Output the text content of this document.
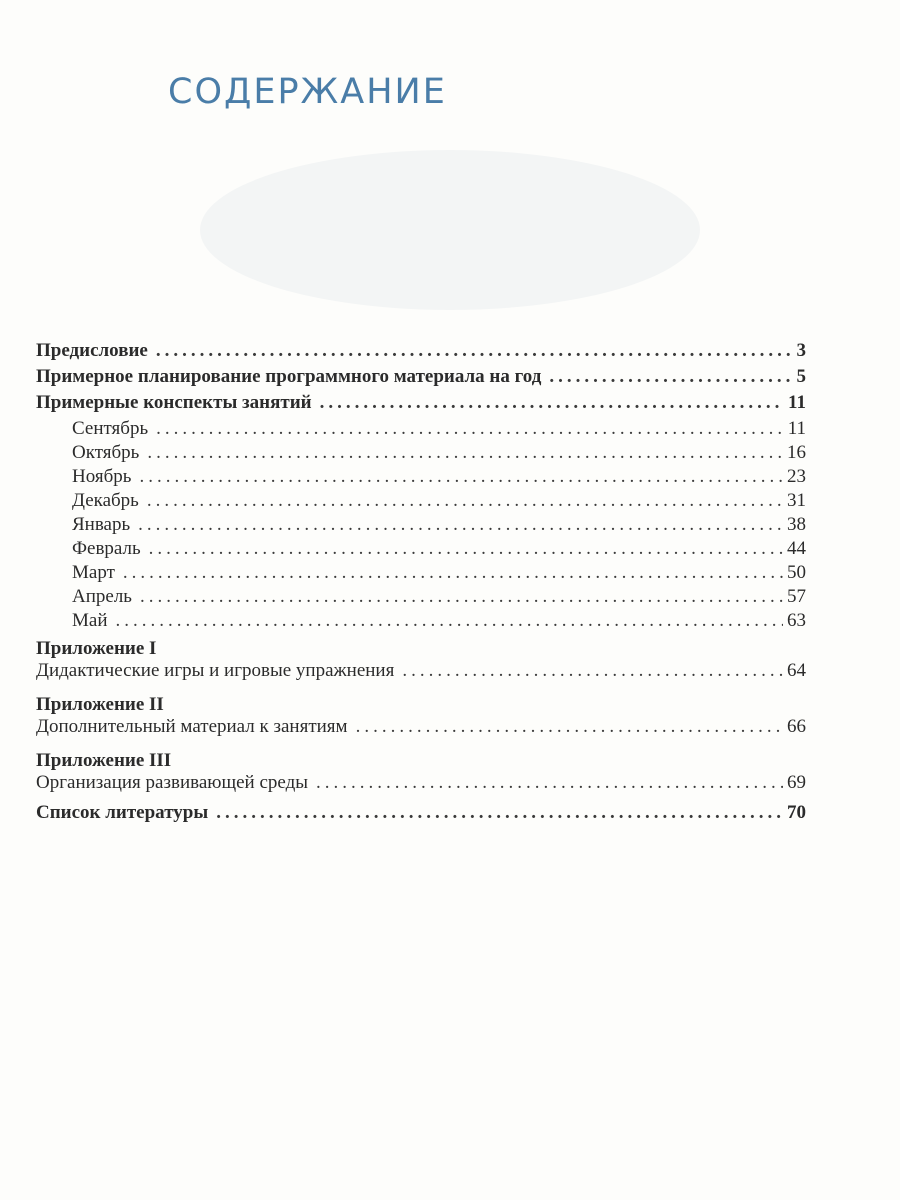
СОДЕРЖАНИЕ
Предисловие .....	3
Примерное планирование программного материала на год .....	5
Примерные конспекты занятий .....	11
Сентябрь .....	11
Октябрь .....	16
Ноябрь .....	23
Декабрь .....	31
Январь .....	38
Февраль .....	44
Март .....	50
Апрель .....	57
Май .....	63
Приложение I
Дидактические игры и игровые упражнения .....	64
Приложение II
Дополнительный материал к занятиям .....	66
Приложение III
Организация развивающей среды .....	69
Список литературы .....	70
